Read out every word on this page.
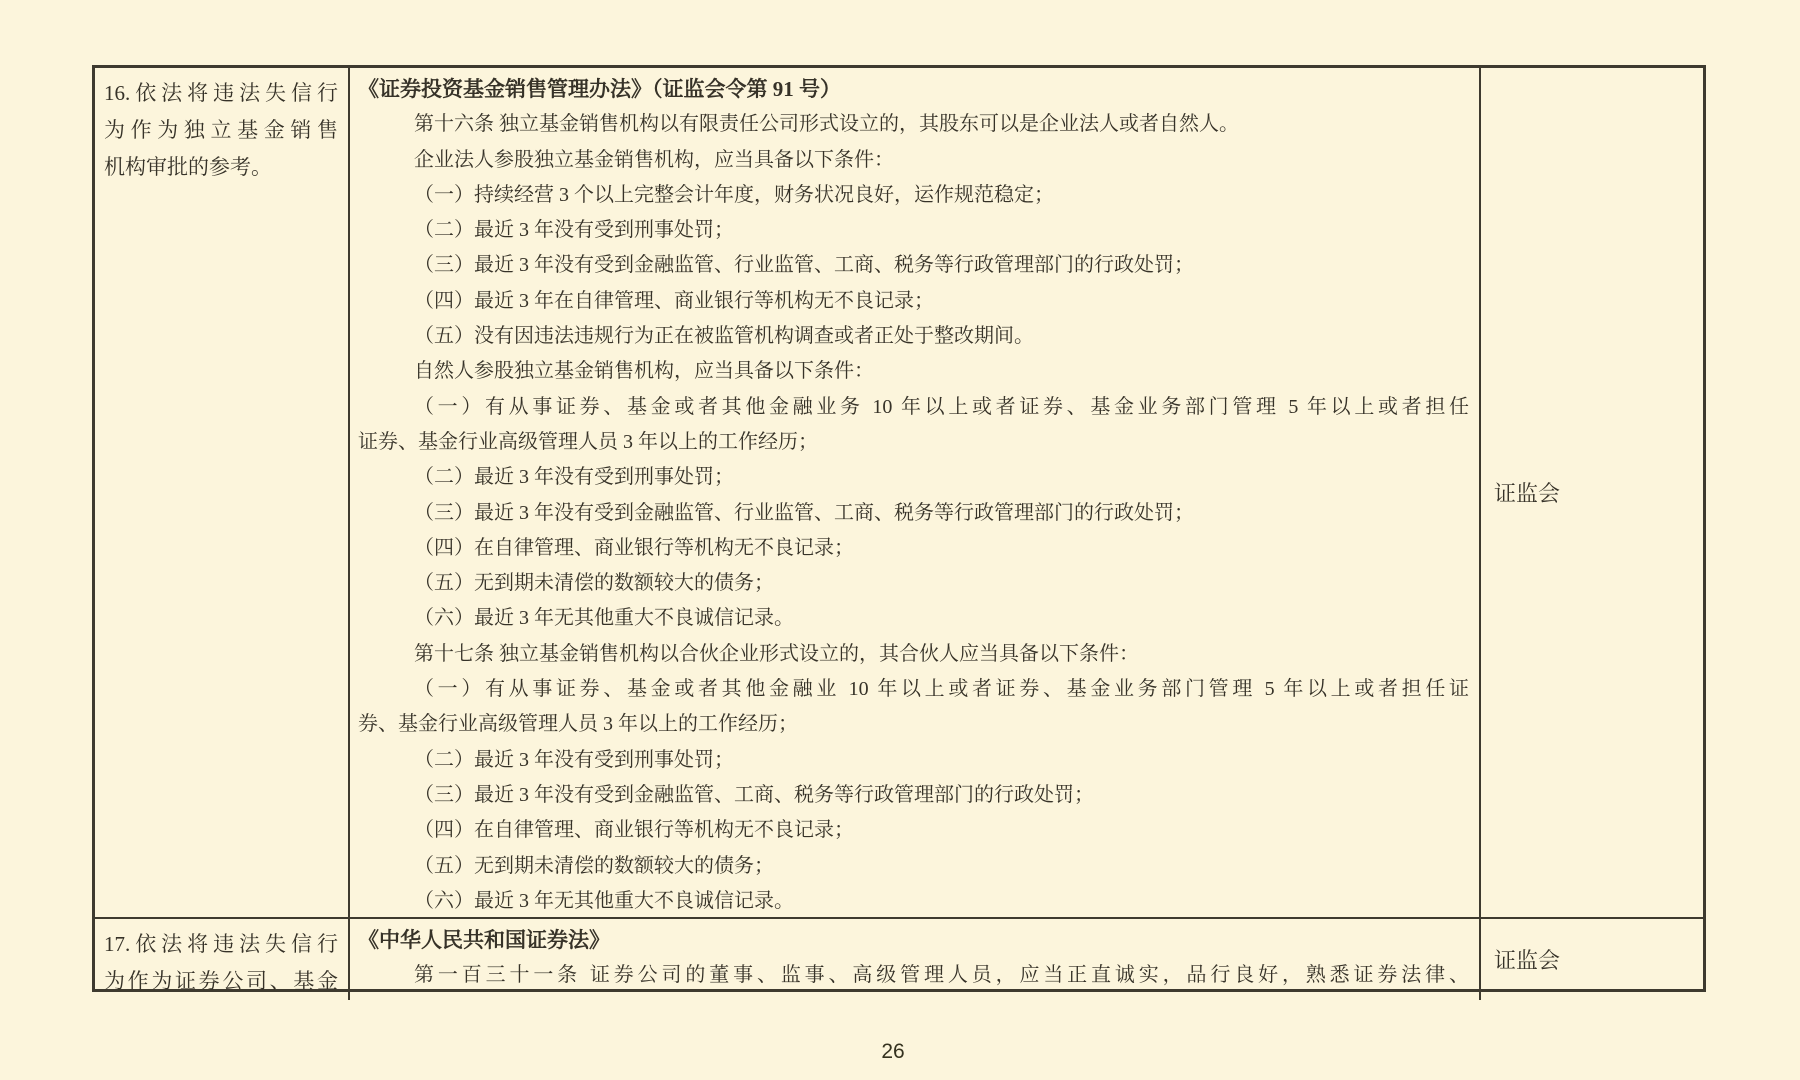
16.依法将违法失信行
为作为独立基金销售
机构审批的参考。
《证券投资基金销售管理办法》（证监会令第 91 号）
第十六条 独立基金销售机构以有限责任公司形式设立的，其股东可以是企业法人或者自然人。
企业法人参股独立基金销售机构，应当具备以下条件：
（一）持续经营 3 个以上完整会计年度，财务状况良好，运作规范稳定；
（二）最近 3 年没有受到刑事处罚；
（三）最近 3 年没有受到金融监管、行业监管、工商、税务等行政管理部门的行政处罚；
（四）最近 3 年在自律管理、商业银行等机构无不良记录；
（五）没有因违法违规行为正在被监管机构调查或者正处于整改期间。
自然人参股独立基金销售机构，应当具备以下条件：
（一）有从事证券、基金或者其他金融业务 10 年以上或者证券、基金业务部门管理 5 年以上或者担任
证券、基金行业高级管理人员 3 年以上的工作经历；
（二）最近 3 年没有受到刑事处罚；
（三）最近 3 年没有受到金融监管、行业监管、工商、税务等行政管理部门的行政处罚；
（四）在自律管理、商业银行等机构无不良记录；
（五）无到期未清偿的数额较大的债务；
（六）最近 3 年无其他重大不良诚信记录。
第十七条 独立基金销售机构以合伙企业形式设立的，其合伙人应当具备以下条件：
（一）有从事证券、基金或者其他金融业 10 年以上或者证券、基金业务部门管理 5 年以上或者担任证
券、基金行业高级管理人员 3 年以上的工作经历；
（二）最近 3 年没有受到刑事处罚；
（三）最近 3 年没有受到金融监管、工商、税务等行政管理部门的行政处罚；
（四）在自律管理、商业银行等机构无不良记录；
（五）无到期未清偿的数额较大的债务；
（六）最近 3 年无其他重大不良诚信记录。
证监会
17.依法将违法失信行
为作为证券公司、基金
《中华人民共和国证券法》
第一百三十一条 证券公司的董事、监事、高级管理人员，应当正直诚实，品行良好，熟悉证券法律、
证监会
26
